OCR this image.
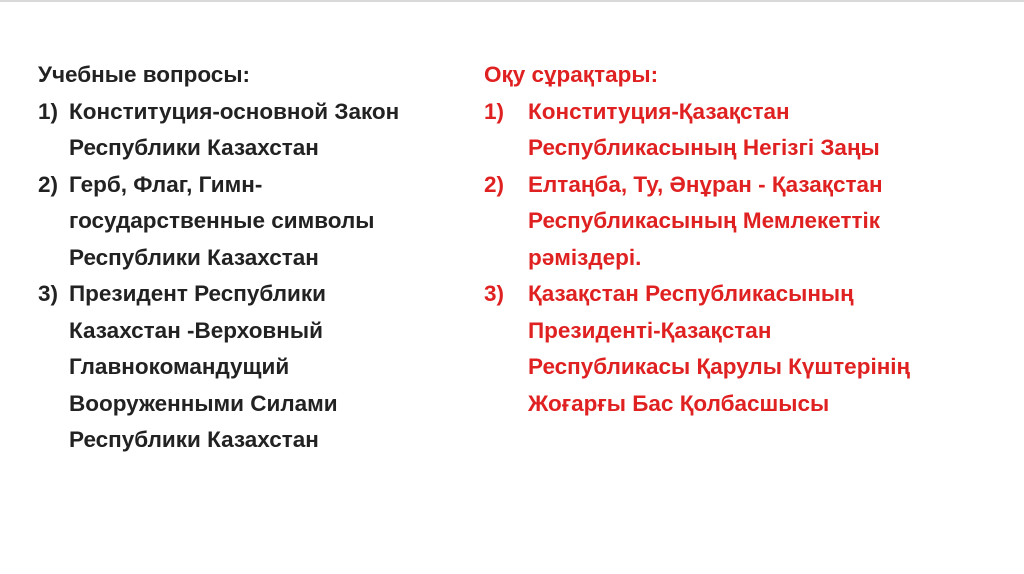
Учебные вопросы:
1) Конституция-основной Закон
Республики Казахстан
2) Герб, Флаг, Гимн-
государственные символы
Республики Казахстан
3) Президент Республики
Казахстан -Верховный
Главнокомандущий
Вооруженными Силами
Республики Казахстан
Оқу сұрақтары:
1)	Конституция-Қазақстан
Республикасының Негізгі Заңы
2)	Елтаңба, Ту, Әнұран - Қазақстан
Республикасының Мемлекеттік
рәміздері.
3)	Қазақстан Республикасының
Президенті-Қазақстан
Республикасы Қарулы Күштерінің
Жоғарғы Бас Қолбасшысы
